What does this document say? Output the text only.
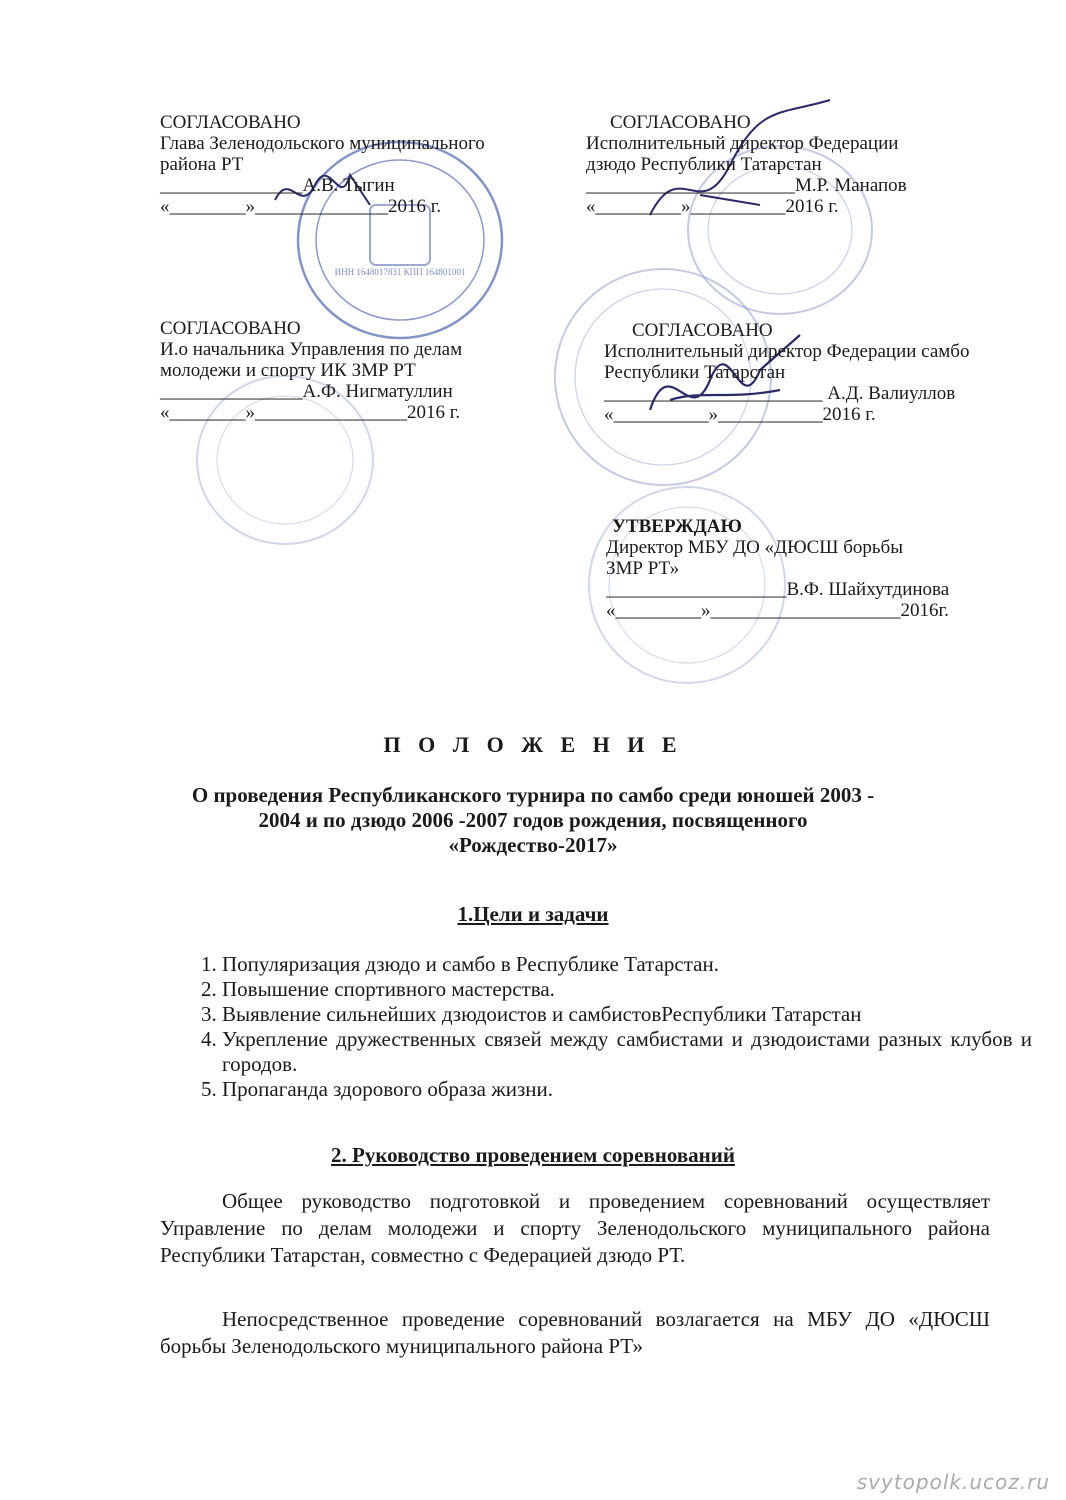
ИНН 1648017831 КПП 164801001
СОГЛАСОВАНО
Глава Зеленодольского муниципального
района РТ
_______________А.В. Тыгин
«________»______________2016 г.
СОГЛАСОВАНО
Исполнительный директор Федерации
дзюдо Республики Татарстан
______________________М.Р. Манапов
«_________»__________2016 г.
СОГЛАСОВАНО
И.о начальника Управления по делам
молодежи и спорту ИК ЗМР РТ
_______________А.Ф. Нигматуллин
«________»________________2016 г.
СОГЛАСОВАНО
Исполнительный директор Федерации самбо
Республики Татарстан
_______________________ А.Д. Валиуллов
«__________»___________2016 г.
УТВЕРЖДАЮ
Директор МБУ ДО «ДЮСШ борьбы
ЗМР РТ»
___________________В.Ф. Шайхутдинова
«_________»____________________2016г.
П О Л О Ж Е Н И Е
О проведения Республиканского турнира по самбо среди юношей 2003 -
2004 и по дзюдо 2006 -2007 годов рождения, посвященного
«Рождество-2017»
1.Цели и задачи
1. Популяризация дзюдо и самбо в Республике Татарстан.
2. Повышение спортивного мастерства.
3. Выявление сильнейших дзюдоистов и самбистовРеспублики Татарстан
4. Укрепление дружественных связей между самбистами и дзюдоистами разных клубов и городов.
5. Пропаганда здорового образа жизни.
2. Руководство проведением соревнований
Общее руководство подготовкой и проведением соревнований осуществляет Управление по делам молодежи и спорту Зеленодольского муниципального района Республики Татарстан, совместно с Федерацией дзюдо РТ.
Непосредственное проведение соревнований возлагается на МБУ ДО «ДЮСШ борьбы Зеленодольского муниципального района РТ»
svytopolk.ucoz.ru
